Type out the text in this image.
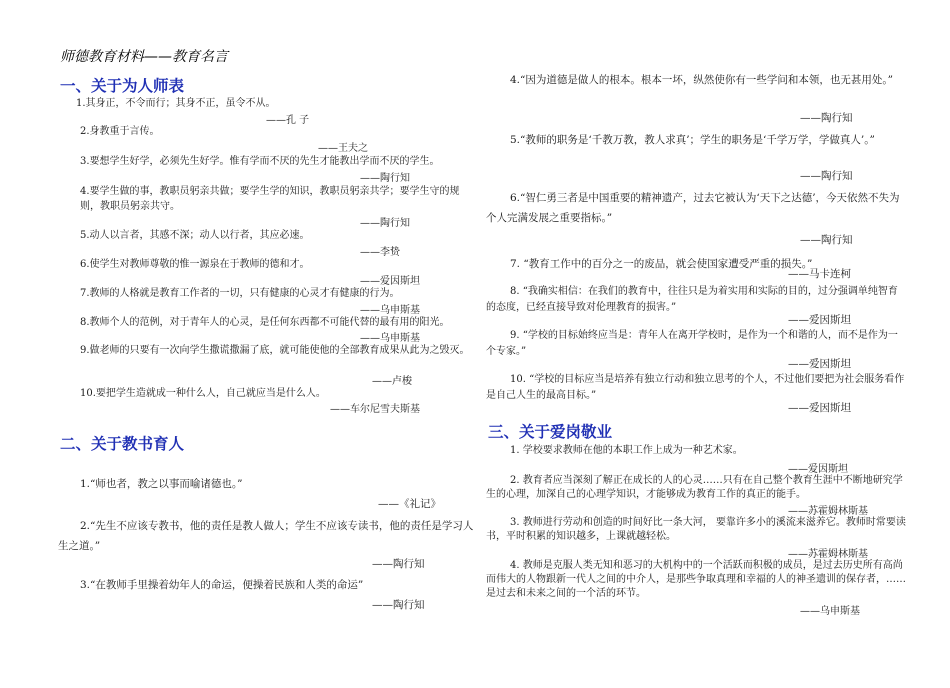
师德教育材料——教育名言
一、关于为人师表
1.其身正，不令而行；其身不正，虽令不从。
——孔 子
2.身教重于言传。
——王夫之
3.要想学生好学，必须先生好学。惟有学而不厌的先生才能教出学而不厌的学生。
——陶行知
4.要学生做的事，教职员躬亲共做；要学生学的知识，教职员躬亲共学；要学生守的规则，教职员躬亲共守。
——陶行知
5.动人以言者，其感不深；动人以行者，其应必速。
——李贽
6.使学生对教师尊敬的惟一源泉在于教师的德和才。
——爱因斯坦
7.教师的人格就是教育工作者的一切，只有健康的心灵才有健康的行为。
——乌申斯基
8.教师个人的范例，对于青年人的心灵，是任何东西都不可能代替的最有用的阳光。
——乌申斯基
9.做老师的只要有一次向学生撒谎撒漏了底，就可能使他的全部教育成果从此为之毁灭。
——卢梭
10.要把学生造就成一种什么人，自己就应当是什么人。
——车尔尼雪夫斯基
二、关于教书育人
1.“师也者，教之以事而喻诸德也。”
——《礼记》
2.“先生不应该专教书，他的责任是教人做人；学生不应该专读书，他的责任是学习人生之道。”
——陶行知
3.“在教师手里操着幼年人的命运，便操着民族和人类的命运”
——陶行知
4.“因为道德是做人的根本。根本一坏，纵然使你有一些学问和本领，也无甚用处。”
——陶行知
5.“教师的职务是‘千教万教，教人求真’；学生的职务是‘千学万学，学做真人’。”
——陶行知
6.“智仁勇三者是中国重要的精神遗产，过去它被认为‘天下之达德’，今天依然不失为个人完满发展之重要指标。”
——陶行知
7. “教育工作中的百分之一的废品，就会使国家遭受严重的损失。”
——马卡连柯
8. “我确实相信：在我们的教育中，往往只是为着实用和实际的目的，过分强调单纯智育的态度，已经直接导致对伦理教育的损害。”
——爱因斯坦
9. “学校的目标始终应当是：青年人在离开学校时，是作为一个和谐的人，而不是作为一个专家。”
——爱因斯坦
10. “学校的目标应当是培养有独立行动和独立思考的个人，不过他们要把为社会服务看作是自己人生的最高目标。”
——爱因斯坦
三、关于爱岗敬业
1. 学校要求教师在他的本职工作上成为一种艺术家。
——爱因斯坦
2. 教育者应当深刻了解正在成长的人的心灵……只有在自己整个教育生涯中不断地研究学生的心理，加深自己的心理学知识，才能够成为教育工作的真正的能手。
——苏霍姆林斯基
3. 教师进行劳动和创造的时间好比一条大河， 要靠许多小的溪流来滋养它。教师时常要读书，平时积累的知识越多，上课就越轻松。
——苏霍姆林斯基
4. 教师是克服人类无知和恶习的大机构中的一个活跃而积极的成员，是过去历史所有高尚而伟大的人物跟新一代人之间的中介人，是那些争取真理和幸福的人的神圣遗训的保存者，……是过去和未来之间的一个活的环节。
——乌申斯基
